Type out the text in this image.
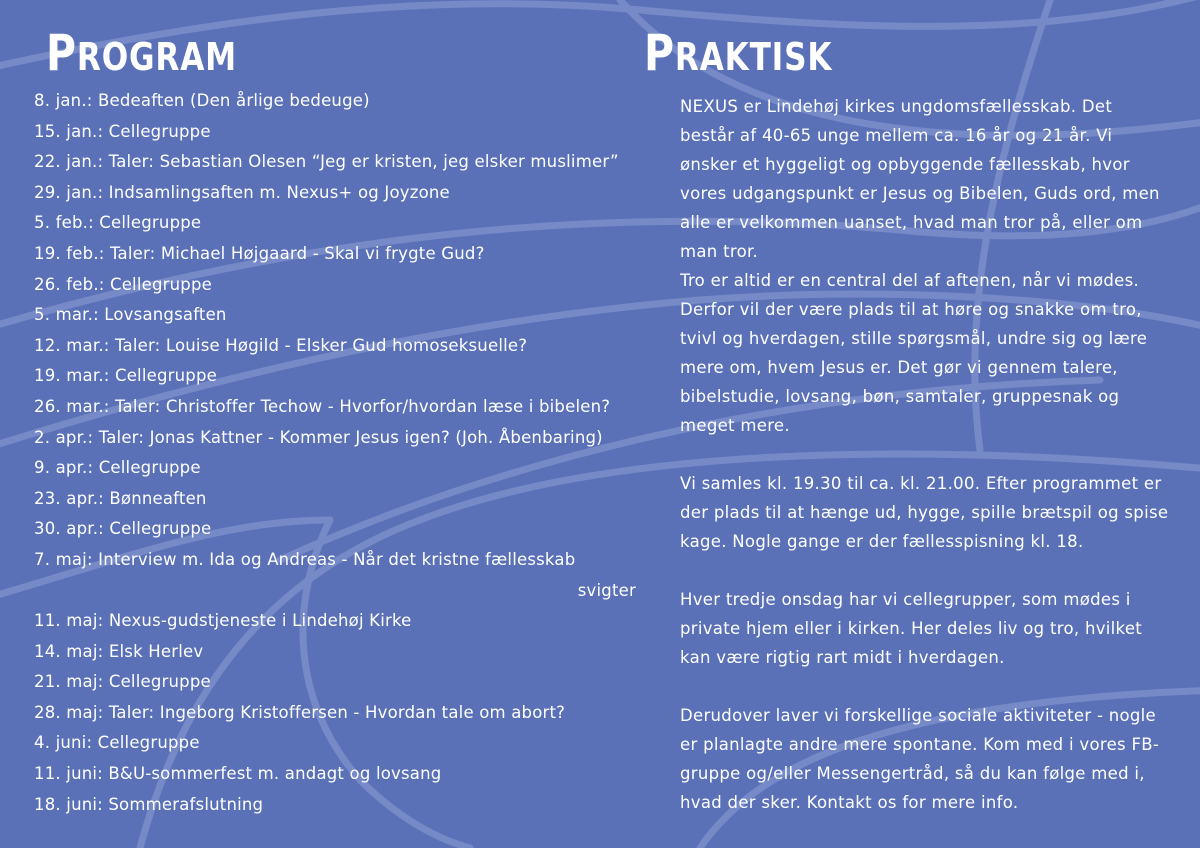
PROGRAM	PRAKTISK
8. jan.: Bedeaften (Den årlige bedeuge)
15. jan.: Cellegruppe
22. jan.: Taler: Sebastian Olesen “Jeg er kristen, jeg elsker muslimer”
29. jan.: Indsamlingsaften m. Nexus+ og Joyzone
5. feb.: Cellegruppe
19. feb.: Taler: Michael Højgaard - Skal vi frygte Gud?
26. feb.: Cellegruppe
5. mar.: Lovsangsaften
12. mar.: Taler: Louise Høgild - Elsker Gud homoseksuelle?
19. mar.: Cellegruppe
26. mar.: Taler: Christoffer Techow - Hvorfor/hvordan læse i bibelen?
2. apr.: Taler: Jonas Kattner - Kommer Jesus igen? (Joh. Åbenbaring)
9. apr.: Cellegruppe
23. apr.: Bønneaften
30. apr.: Cellegruppe
7. maj: Interview m. Ida og Andreas - Når det kristne fællesskab
svigter
11. maj: Nexus-gudstjeneste i Lindehøj Kirke
14. maj: Elsk Herlev
21. maj: Cellegruppe
28. maj: Taler: Ingeborg Kristoffersen - Hvordan tale om abort?
4. juni: Cellegruppe
11. juni: B&U-sommerfest m. andagt og lovsang
18. juni: Sommerafslutning

NEXUS er Lindehøj kirkes ungdomsfællesskab. Det består af 40-65 unge mellem ca. 16 år og 21 år. Vi ønsker et hyggeligt og opbyggende fællesskab, hvor vores udgangspunkt er Jesus og Bibelen, Guds ord, men alle er velkommen uanset, hvad man tror på, eller om man tror.

Tro er altid er en central del af aftenen, når vi mødes. Derfor vil der være plads til at høre og snakke om tro, tvivl og hverdagen, stille spørgsmål, undre sig og lære mere om, hvem Jesus er. Det gør vi gennem talere, bibelstudie, lovsang, bøn, samtaler, gruppesnak og meget mere.

Vi samles kl. 19.30 til ca. kl. 21.00. Efter programmet er der plads til at hænge ud, hygge, spille brætspil og spise kage. Nogle gange er der fællesspisning kl. 18.

Hver tredje onsdag har vi cellegrupper, som mødes i private hjem eller i kirken. Her deles liv og tro, hvilket kan være rigtig rart midt i hverdagen.

Derudover laver vi forskellige sociale aktiviteter - nogle er planlagte andre mere spontane. Kom med i vores FB-gruppe og/eller Messengertråd, så du kan følge med i, hvad der sker. Kontakt os for mere info.
